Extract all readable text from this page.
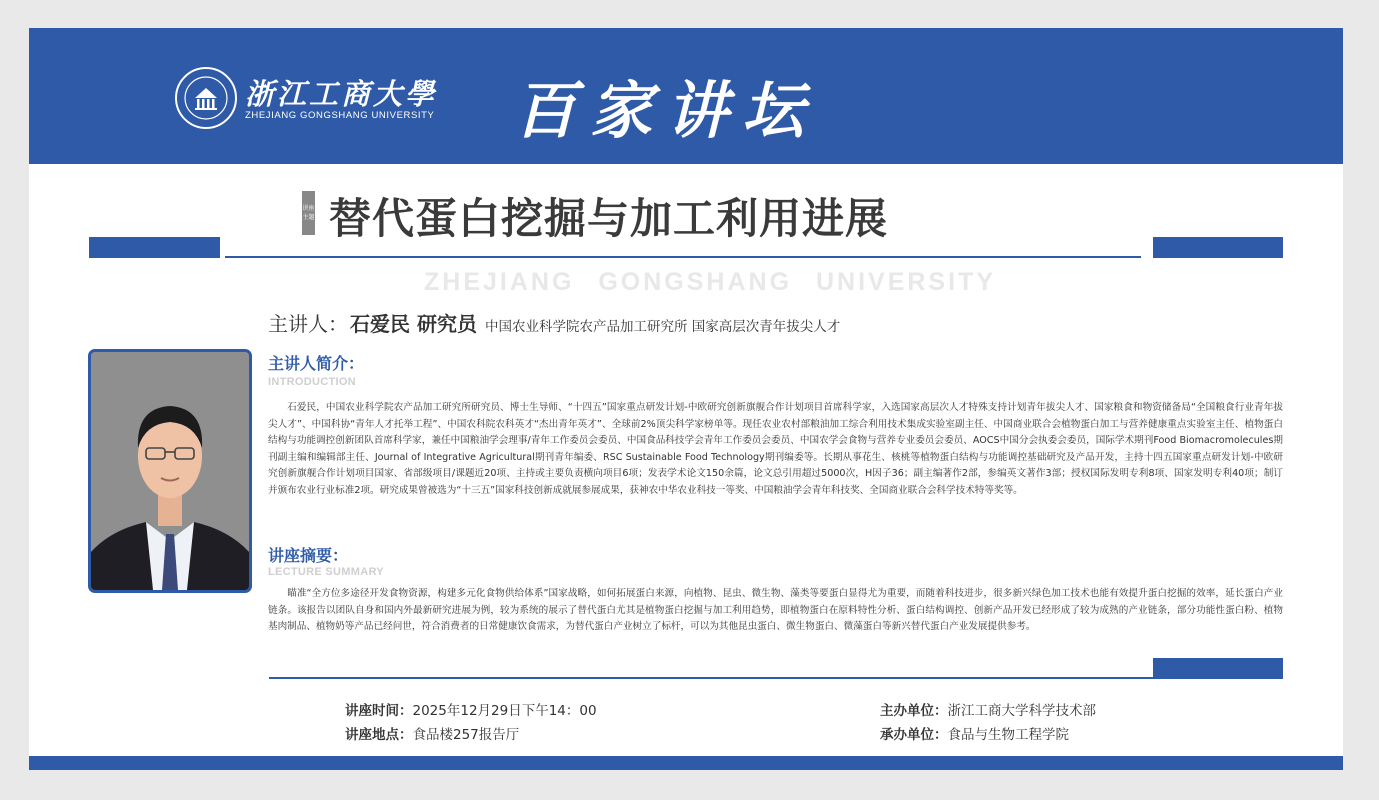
浙江工商大學
ZHEJIANG GONGSHANG UNIVERSITY 百家讲坛
讲座主题 替代蛋白挖掘与加工利用进展
ZHEJIANG GONGSHANG UNIVERSITY
主讲人： 石爱民 研究员 中国农业科学院农产品加工研究所 国家高层次青年拔尖人才
主讲人简介：
INTRODUCTION

石爱民，中国农业科学院农产品加工研究所研究员、博士生导师、“十四五”国家重点研发计划-中欧研究创新旗舰合作计划项目首席科学家，入选国家高层次人才特殊支持计划青年拔尖人才、国家粮食和物资储备局“全国粮食行业青年拔尖人才”、中国科协“青年人才托举工程”、中国农科院农科英才“杰出青年英才”、全球前2%顶尖科学家榜单等。现任农业农村部粮油加工综合利用技术集成实验室副主任、中国商业联合会植物蛋白加工与营养健康重点实验室主任、植物蛋白结构与功能调控创新团队首席科学家，兼任中国粮油学会理事/青年工作委员会委员、中国食品科技学会青年工作委员会委员、中国农学会食物与营养专业委员会委员、AOCS中国分会执委会委员，国际学术期刊Food Biomacromolecules期刊副主编和编辑部主任、Journal of Integrative Agricultural期刊青年编委、RSC Sustainable Food Technology期刊编委等。长期从事花生、核桃等植物蛋白结构与功能调控基础研究及产品开发，主持十四五国家重点研发计划-中欧研究创新旗舰合作计划项目国家、省部级项目/课题近20项、主持或主要负责横向项目6项；发表学术论文150余篇，论文总引用超过5000次，H因子36；副主编著作2部，参编英文著作3部；授权国际发明专利8项、国家发明专利40项；制订并颁布农业行业标准2项。研究成果曾被选为“十三五”国家科技创新成就展参展成果，获神农中华农业科技一等奖、中国粮油学会青年科技奖、全国商业联合会科学技术特等奖等。

讲座摘要：
LECTURE SUMMARY

瞄准“全方位多途径开发食物资源，构建多元化食物供给体系”国家战略，如何拓展蛋白来源，向植物、昆虫、微生物、藻类等要蛋白显得尤为重要，而随着科技进步，很多新兴绿色加工技术也能有效提升蛋白挖掘的效率，延长蛋白产业链条。该报告以团队自身和国内外最新研究进展为例，较为系统的展示了替代蛋白尤其是植物蛋白挖掘与加工利用趋势，即植物蛋白在原料特性分析、蛋白结构调控、创新产品开发已经形成了较为成熟的产业链条，部分功能性蛋白粉、植物基肉制品、植物奶等产品已经问世，符合消费者的日常健康饮食需求，为替代蛋白产业树立了标杆，可以为其他昆虫蛋白、微生物蛋白、微藻蛋白等新兴替代蛋白产业发展提供参考。

讲座时间：2025年12月29日下午14：00
讲座地点：食品楼257报告厅
主办单位：浙江工商大学科学技术部
承办单位：食品与生物工程学院
